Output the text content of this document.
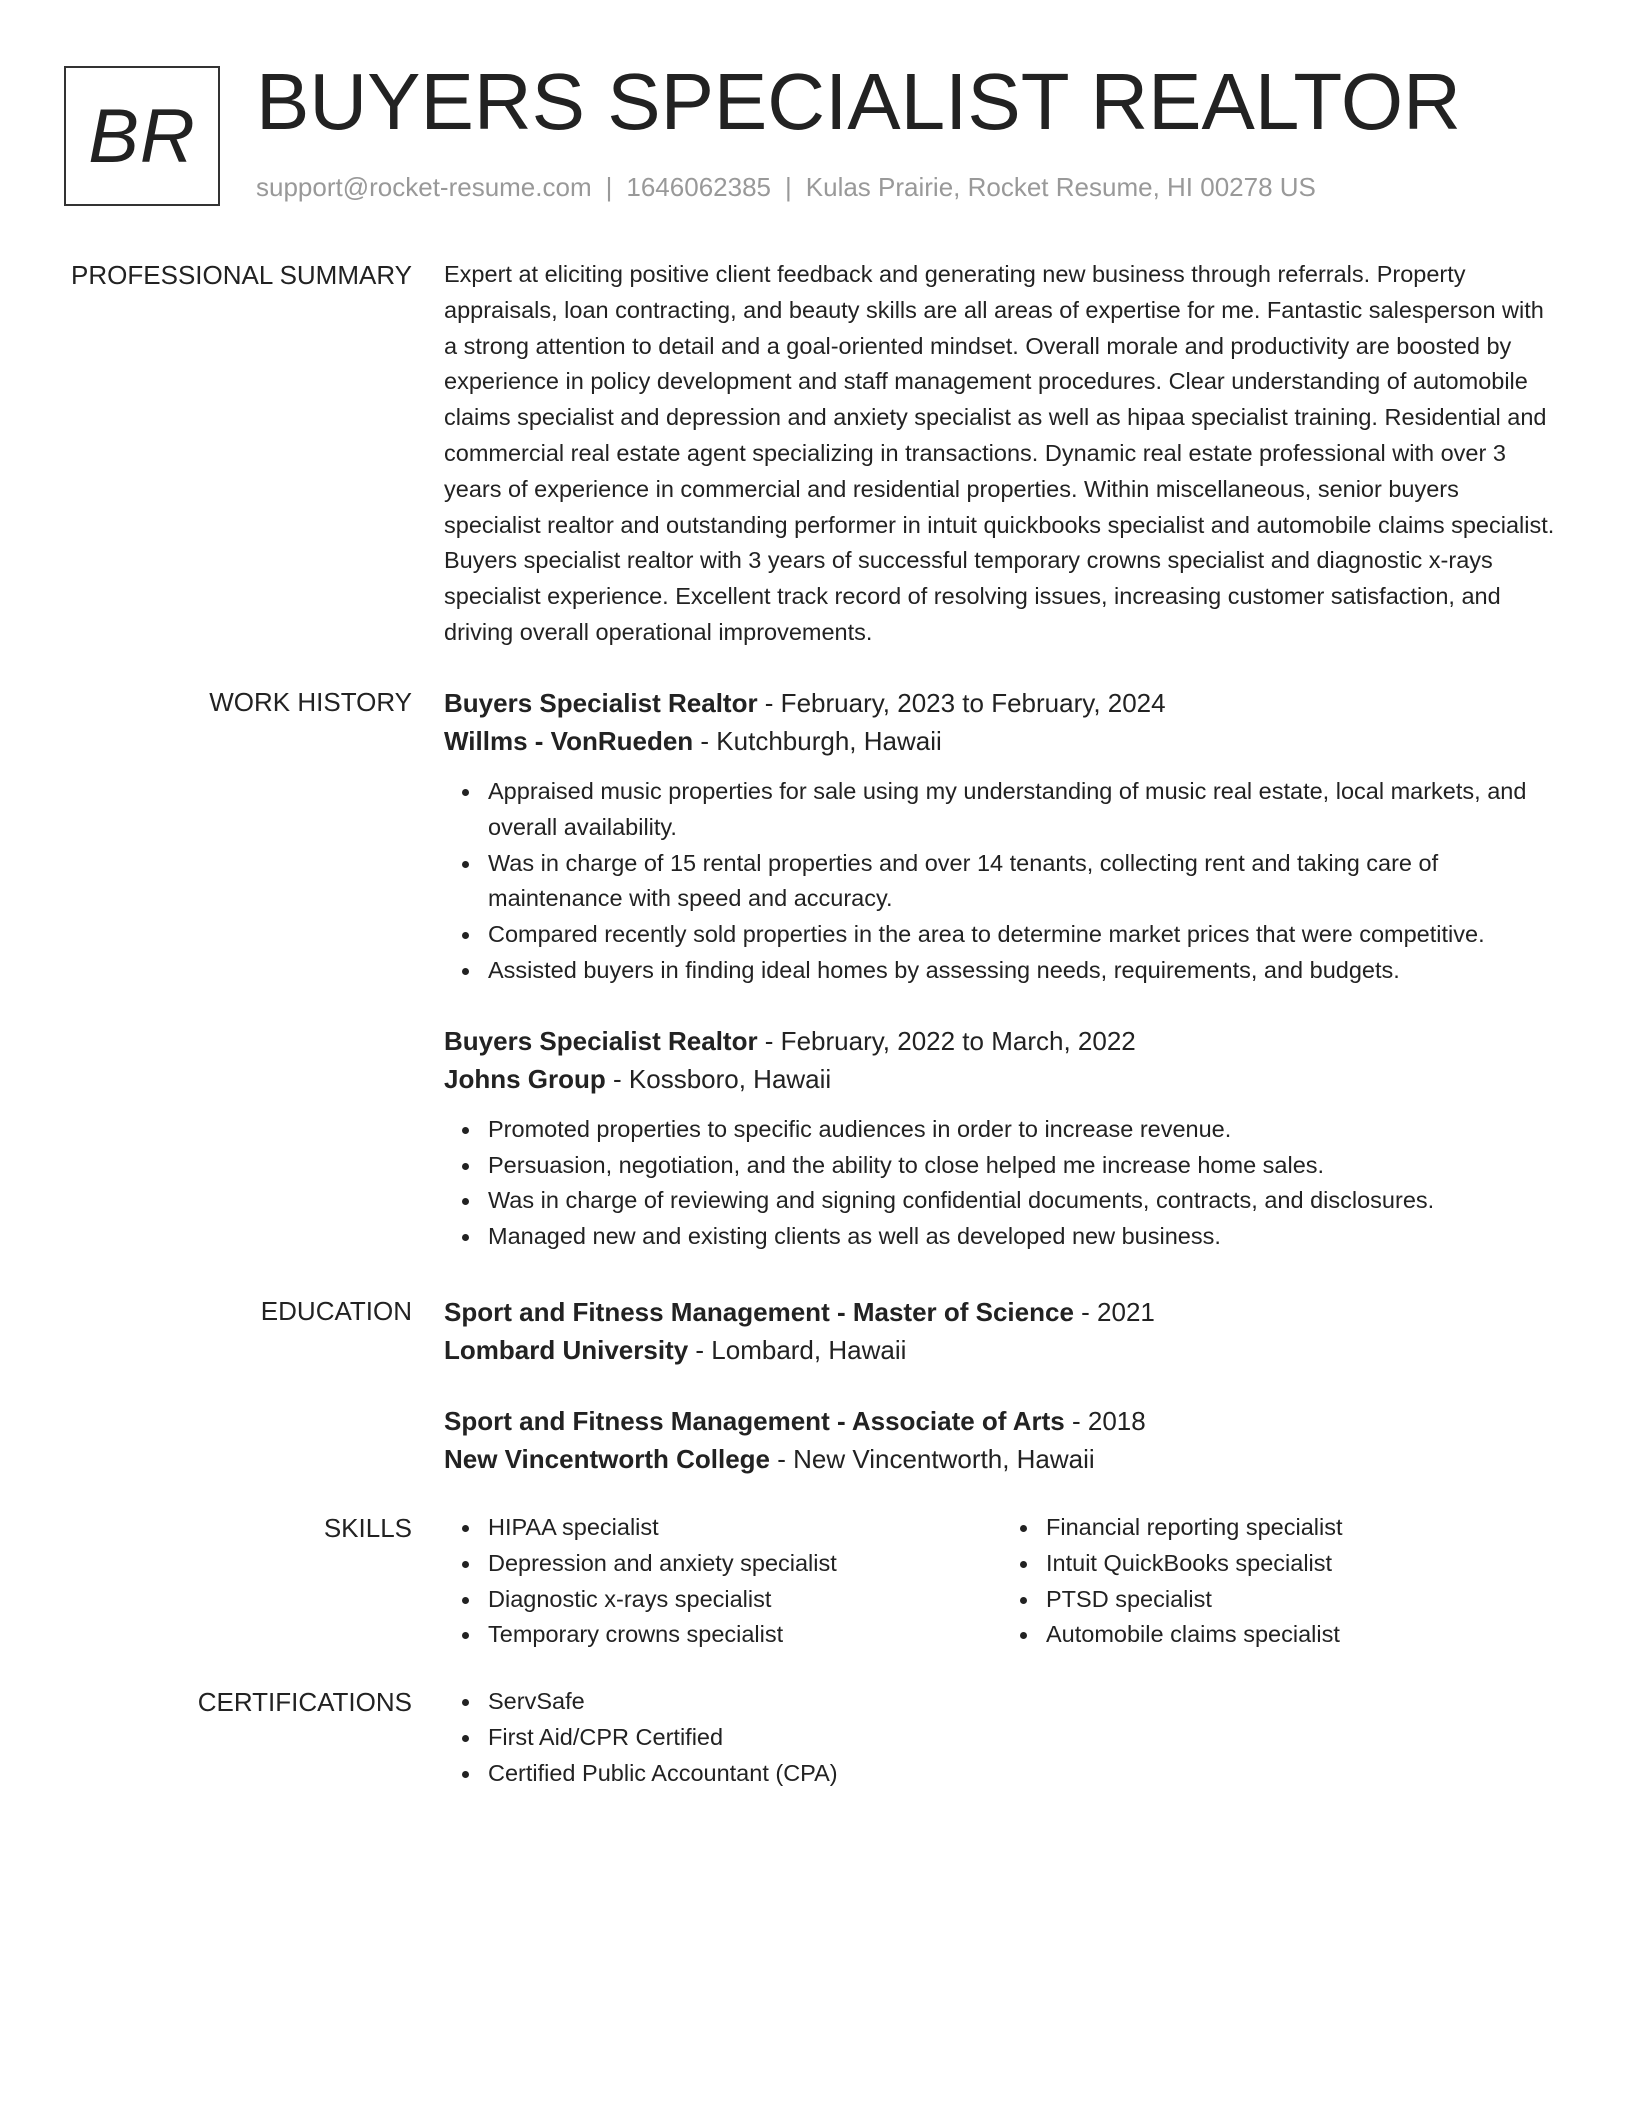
BR BUYERS SPECIALIST REALTOR
support@rocket-resume.com | 1646062385 | Kulas Prairie, Rocket Resume, HI 00278 US
PROFESSIONAL SUMMARY Expert at eliciting positive client feedback and generating new business through referrals. Property appraisals, loan contracting, and beauty skills are all areas of expertise for me. Fantastic salesperson with a strong attention to detail and a goal-oriented mindset. Overall morale and productivity are boosted by experience in policy development and staff management procedures. Clear understanding of automobile claims specialist and depression and anxiety specialist as well as hipaa specialist training. Residential and commercial real estate agent specializing in transactions. Dynamic real estate professional with over 3 years of experience in commercial and residential properties. Within miscellaneous, senior buyers specialist realtor and outstanding performer in intuit quickbooks specialist and automobile claims specialist. Buyers specialist realtor with 3 years of successful temporary crowns specialist and diagnostic x-rays specialist experience. Excellent track record of resolving issues, increasing customer satisfaction, and driving overall operational improvements.

WORK HISTORY Buyers Specialist Realtor - February, 2023 to February, 2024
Willms - VonRueden - Kutchburgh, Hawaii
Appraised music properties for sale using my understanding of music real estate, local markets, and overall availability.
Was in charge of 15 rental properties and over 14 tenants, collecting rent and taking care of maintenance with speed and accuracy.
Compared recently sold properties in the area to determine market prices that were competitive.
Assisted buyers in finding ideal homes by assessing needs, requirements, and budgets.
Buyers Specialist Realtor - February, 2022 to March, 2022
Johns Group - Kossboro, Hawaii
Promoted properties to specific audiences in order to increase revenue.
Persuasion, negotiation, and the ability to close helped me increase home sales.
Was in charge of reviewing and signing confidential documents, contracts, and disclosures.
Managed new and existing clients as well as developed new business.
EDUCATION Sport and Fitness Management - Master of Science - 2021
Lombard University - Lombard, Hawaii
Sport and Fitness Management - Associate of Arts - 2018
New Vincentworth College - New Vincentworth, Hawaii
SKILLS	HIPAA specialist
Depression and anxiety specialist
Diagnostic x-rays specialist
Temporary crowns specialist
Financial reporting specialist
Intuit QuickBooks specialist
PTSD specialist
Automobile claims specialist
CERTIFICATIONS	ServSafe
First Aid/CPR Certified
Certified Public Accountant (CPA)
